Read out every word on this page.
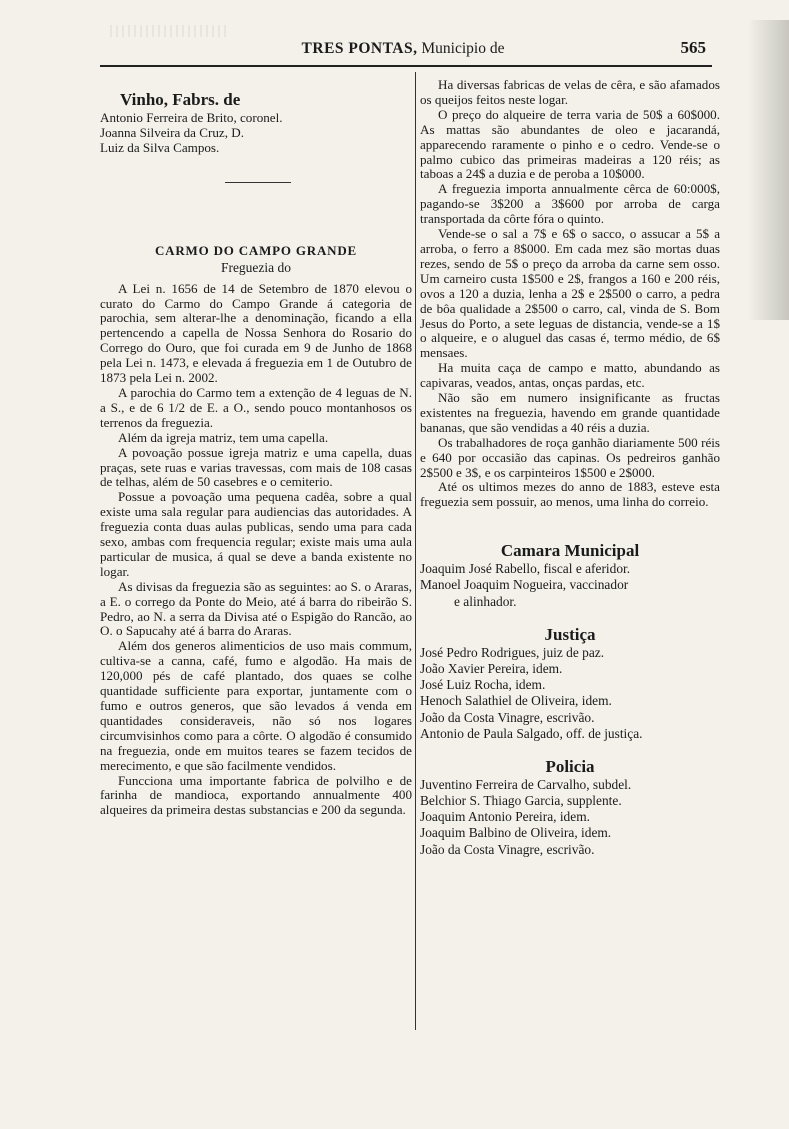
TRES PONTAS, Municipio de	565
Vinho, Fabrs. de
Antonio Ferreira de Brito, coronel.
Joanna Silveira da Cruz, D.
Luiz da Silva Campos.
CARMO DO CAMPO GRANDE
Freguezia do

A Lei n. 1656 de 14 de Setembro de 1870 elevou o curato do Carmo do Campo Grande á categoria de parochia, sem alterar-lhe a denominação, ficando a ella pertencendo a capella de Nossa Senhora do Rosario do Corrego do Ouro, que foi curada em 9 de Junho de 1868 pela Lei n. 1473, e elevada á freguezia em 1 de Outubro de 1873 pela Lei n. 2002.

A parochia do Carmo tem a extenção de 4 leguas de N. a S., e de 6 1/2 de E. a O., sendo pouco montanhosos os terrenos da freguezia.

Além da igreja matriz, tem uma capella.

A povoação possue igreja matriz e uma capella, duas praças, sete ruas e varias travessas, com mais de 108 casas de telhas, além de 50 casebres e o cemiterio.

Possue a povoação uma pequena cadêa, sobre a qual existe uma sala regular para audiencias das autoridades. A freguezia conta duas aulas publicas, sendo uma para cada sexo, ambas com frequencia regular; existe mais uma aula particular de musica, á qual se deve a banda existente no logar.

As divisas da freguezia são as seguintes: ao S. o Araras, a E. o corrego da Ponte do Meio, até á barra do ribeirão S. Pedro, ao N. a serra da Divisa até o Espigão do Rancão, ao O. o Sapucahy até á barra do Araras.

Além dos generos alimenticios de uso mais commum, cultiva-se a canna, café, fumo e algodão. Ha mais de 120,000 pés de café plantado, dos quaes se colhe quantidade sufficiente para exportar, juntamente com o fumo e outros generos, que são levados á venda em quantidades consideraveis, não só nos logares circumvisinhos como para a côrte. O algodão é consumido na freguezia, onde em muitos teares se fazem tecidos de merecimento, e que são facilmente vendidos.

Funcciona uma importante fabrica de polvilho e de farinha de mandioca, exportando annualmente 400 alqueires da primeira destas substancias e 200 da segunda.

Ha diversas fabricas de velas de cêra, e são afamados os queijos feitos neste logar.

O preço do alqueire de terra varia de 50$ a 60$000. As mattas são abundantes de oleo e jacarandá, apparecendo raramente o pinho e o cedro. Vende-se o palmo cubico das primeiras madeiras a 120 réis; as taboas a 24$ a duzia e de peroba a 10$000.

A freguezia importa annualmente cêrca de 60:000$, pagando-se 3$200 a 3$600 por arroba de carga transportada da côrte fóra o quinto.

Vende-se o sal a 7$ e 6$ o sacco, o assucar a 5$ a arroba, o ferro a 8$000. Em cada mez são mortas duas rezes, sendo de 5$ o preço da arroba da carne sem osso. Um carneiro custa 1$500 e 2$, frangos a 160 e 200 réis, ovos a 120 a duzia, lenha a 2$ e 2$500 o carro, a pedra de bôa qualidade a 2$500 o carro, cal, vinda de S. Bom Jesus do Porto, a sete leguas de distancia, vende-se a 1$ o alqueire, e o aluguel das casas é, termo médio, de 6$ mensaes.

Ha muita caça de campo e matto, abundando as capivaras, veados, antas, onças pardas, etc.

Não são em numero insignificante as fructas existentes na freguezia, havendo em grande quantidade bananas, que são vendidas a 40 réis a duzia.

Os trabalhadores de roça ganhão diariamente 500 réis e 640 por occasião das capinas. Os pedreiros ganhão 2$500 e 3$, e os carpinteiros 1$500 e 2$000.

Até os ultimos mezes do anno de 1883, esteve esta freguezia sem possuir, ao menos, uma linha do correio.

Camara Municipal
Joaquim José Rabello, fiscal e aferidor.
Manoel Joaquim Nogueira, vaccinador
e alinhador.
Justiça
José Pedro Rodrigues, juiz de paz.
João Xavier Pereira, idem.
José Luiz Rocha, idem.
Henoch Salathiel de Oliveira, idem.
João da Costa Vinagre, escrivão.
Antonio de Paula Salgado, off. de justiça.
Policia
Juventino Ferreira de Carvalho, subdel.
Belchior S. Thiago Garcia, supplente.
Joaquim Antonio Pereira, idem.
Joaquim Balbino de Oliveira, idem.
João da Costa Vinagre, escrivão.
